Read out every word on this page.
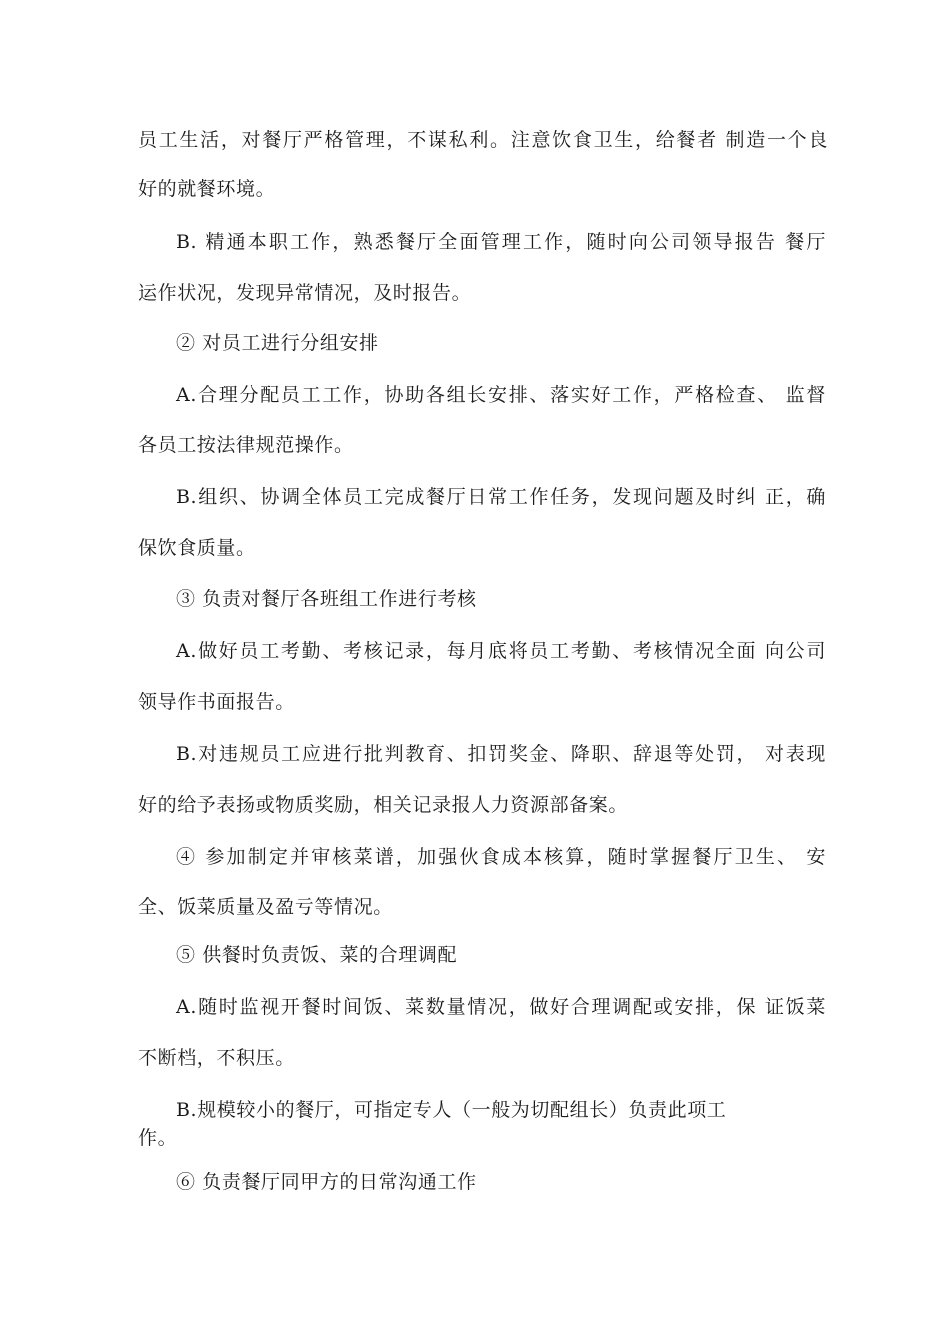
员工生活，对餐厅严格管理，不谋私利。注意饮食卫生，给餐者 制造一个良
好的就餐环境。
B. 精通本职工作，熟悉餐厅全面管理工作，随时向公司领导报告 餐厅
运作状况，发现异常情况，及时报告。
② 对员工进行分组安排
A.合理分配员工工作，协助各组长安排、落实好工作，严格检查、 监督
各员工按法律规范操作。
B.组织、协调全体员工完成餐厅日常工作任务，发现问题及时纠 正，确
保饮食质量。
③ 负责对餐厅各班组工作进行考核
A.做好员工考勤、考核记录，每月底将员工考勤、考核情况全面 向公司
领导作书面报告。
B.对违规员工应进行批判教育、扣罚奖金、降职、辞退等处罚， 对表现
好的给予表扬或物质奖励，相关记录报人力资源部备案。
④ 参加制定并审核菜谱，加强伙食成本核算，随时掌握餐厅卫生、 安
全、饭菜质量及盈亏等情况。
⑤ 供餐时负责饭、菜的合理调配
A.随时监视开餐时间饭、菜数量情况，做好合理调配或安排，保 证饭菜
不断档，不积压。
B.规模较小的餐厅，可指定专人（一般为切配组长）负责此项工
作。
⑥ 负责餐厅同甲方的日常沟通工作
